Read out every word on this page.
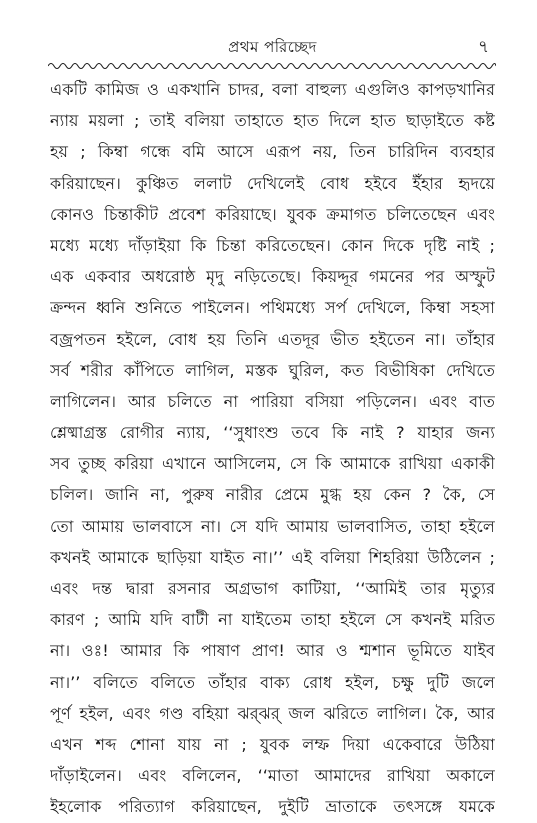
প্রথম পরিচ্ছেদ	৭
একটি কামিজ ও একখানি চাদর, বলা বাহুল্য এগুলিও কাপড়খানির
ন্যায় ময়লা ; তাই বলিয়া তাহাতে হাত দিলে হাত ছাড়াইতে কষ্ট
হয় ; কিম্বা গন্ধে বমি আসে এরূপ নয়, তিন চারিদিন ব্যবহার
করিয়াছেন। কুঞ্চিত ললাট দেখিলেই বোধ হইবে ইঁহার হৃদয়ে
কোনও চিন্তাকীট প্রবেশ করিয়াছে। যুবক ক্রমাগত চলিতেছেন এবং
মধ্যে মধ্যে দাঁড়াইয়া কি চিন্তা করিতেছেন। কোন দিকে দৃষ্টি নাই ;
এক একবার অধরোষ্ঠ মৃদু নড়িতেছে। কিয়দ্দূর গমনের পর অস্ফুট
ক্রন্দন ধ্বনি শুনিতে পাইলেন। পথিমধ্যে সর্প দেখিলে, কিম্বা সহসা
বজ্রপতন হইলে, বোধ হয় তিনি এতদূর ভীত হইতেন না। তাঁহার
সর্ব শরীর কাঁপিতে লাগিল, মস্তক ঘুরিল, কত বিভীষিকা দেখিতে
লাগিলেন। আর চলিতে না পারিয়া বসিয়া পড়িলেন। এবং বাত
শ্লেষ্মাগ্রস্ত রোগীর ন্যায়, ‘‘সুধাংশু তবে কি নাই ? যাহার জন্য
সব তুচ্ছ করিয়া এখানে আসিলেম, সে কি আমাকে রাখিয়া একাকী
চলিল। জানি না, পুরুষ নারীর প্রেমে মুগ্ধ হয় কেন ? কৈ, সে
তো আমায় ভালবাসে না। সে যদি আমায় ভালবাসিত, তাহা হইলে
কখনই আমাকে ছাড়িয়া যাইত না।’’ এই বলিয়া শিহরিয়া উঠিলেন ;
এবং দন্ত দ্বারা রসনার অগ্রভাগ কাটিয়া, ‘‘আমিই তার মৃত্যুর
কারণ ; আমি যদি বাটী না যাইতেম তাহা হইলে সে কখনই মরিত
না। ওঃ! আমার কি পাষাণ প্রাণ! আর ও শ্মশান ভূমিতে যাইব
না।’’ বলিতে বলিতে তাঁহার বাক্য রোধ হইল, চক্ষু দুটি জলে
পূর্ণ হইল, এবং গণ্ড বহিয়া ঝর্‌ঝর্‌ জল ঝরিতে লাগিল। কৈ, আর
এখন শব্দ শোনা যায় না ; যুবক লম্ফ দিয়া একেবারে উঠিয়া
দাঁড়াইলেন। এবং বলিলেন, ‘‘মাতা আমাদের রাখিয়া অকালে
ইহলোক পরিত্যাগ করিয়াছেন, দুইটি ভ্রাতাকে তৎসঙ্গে যমকে
